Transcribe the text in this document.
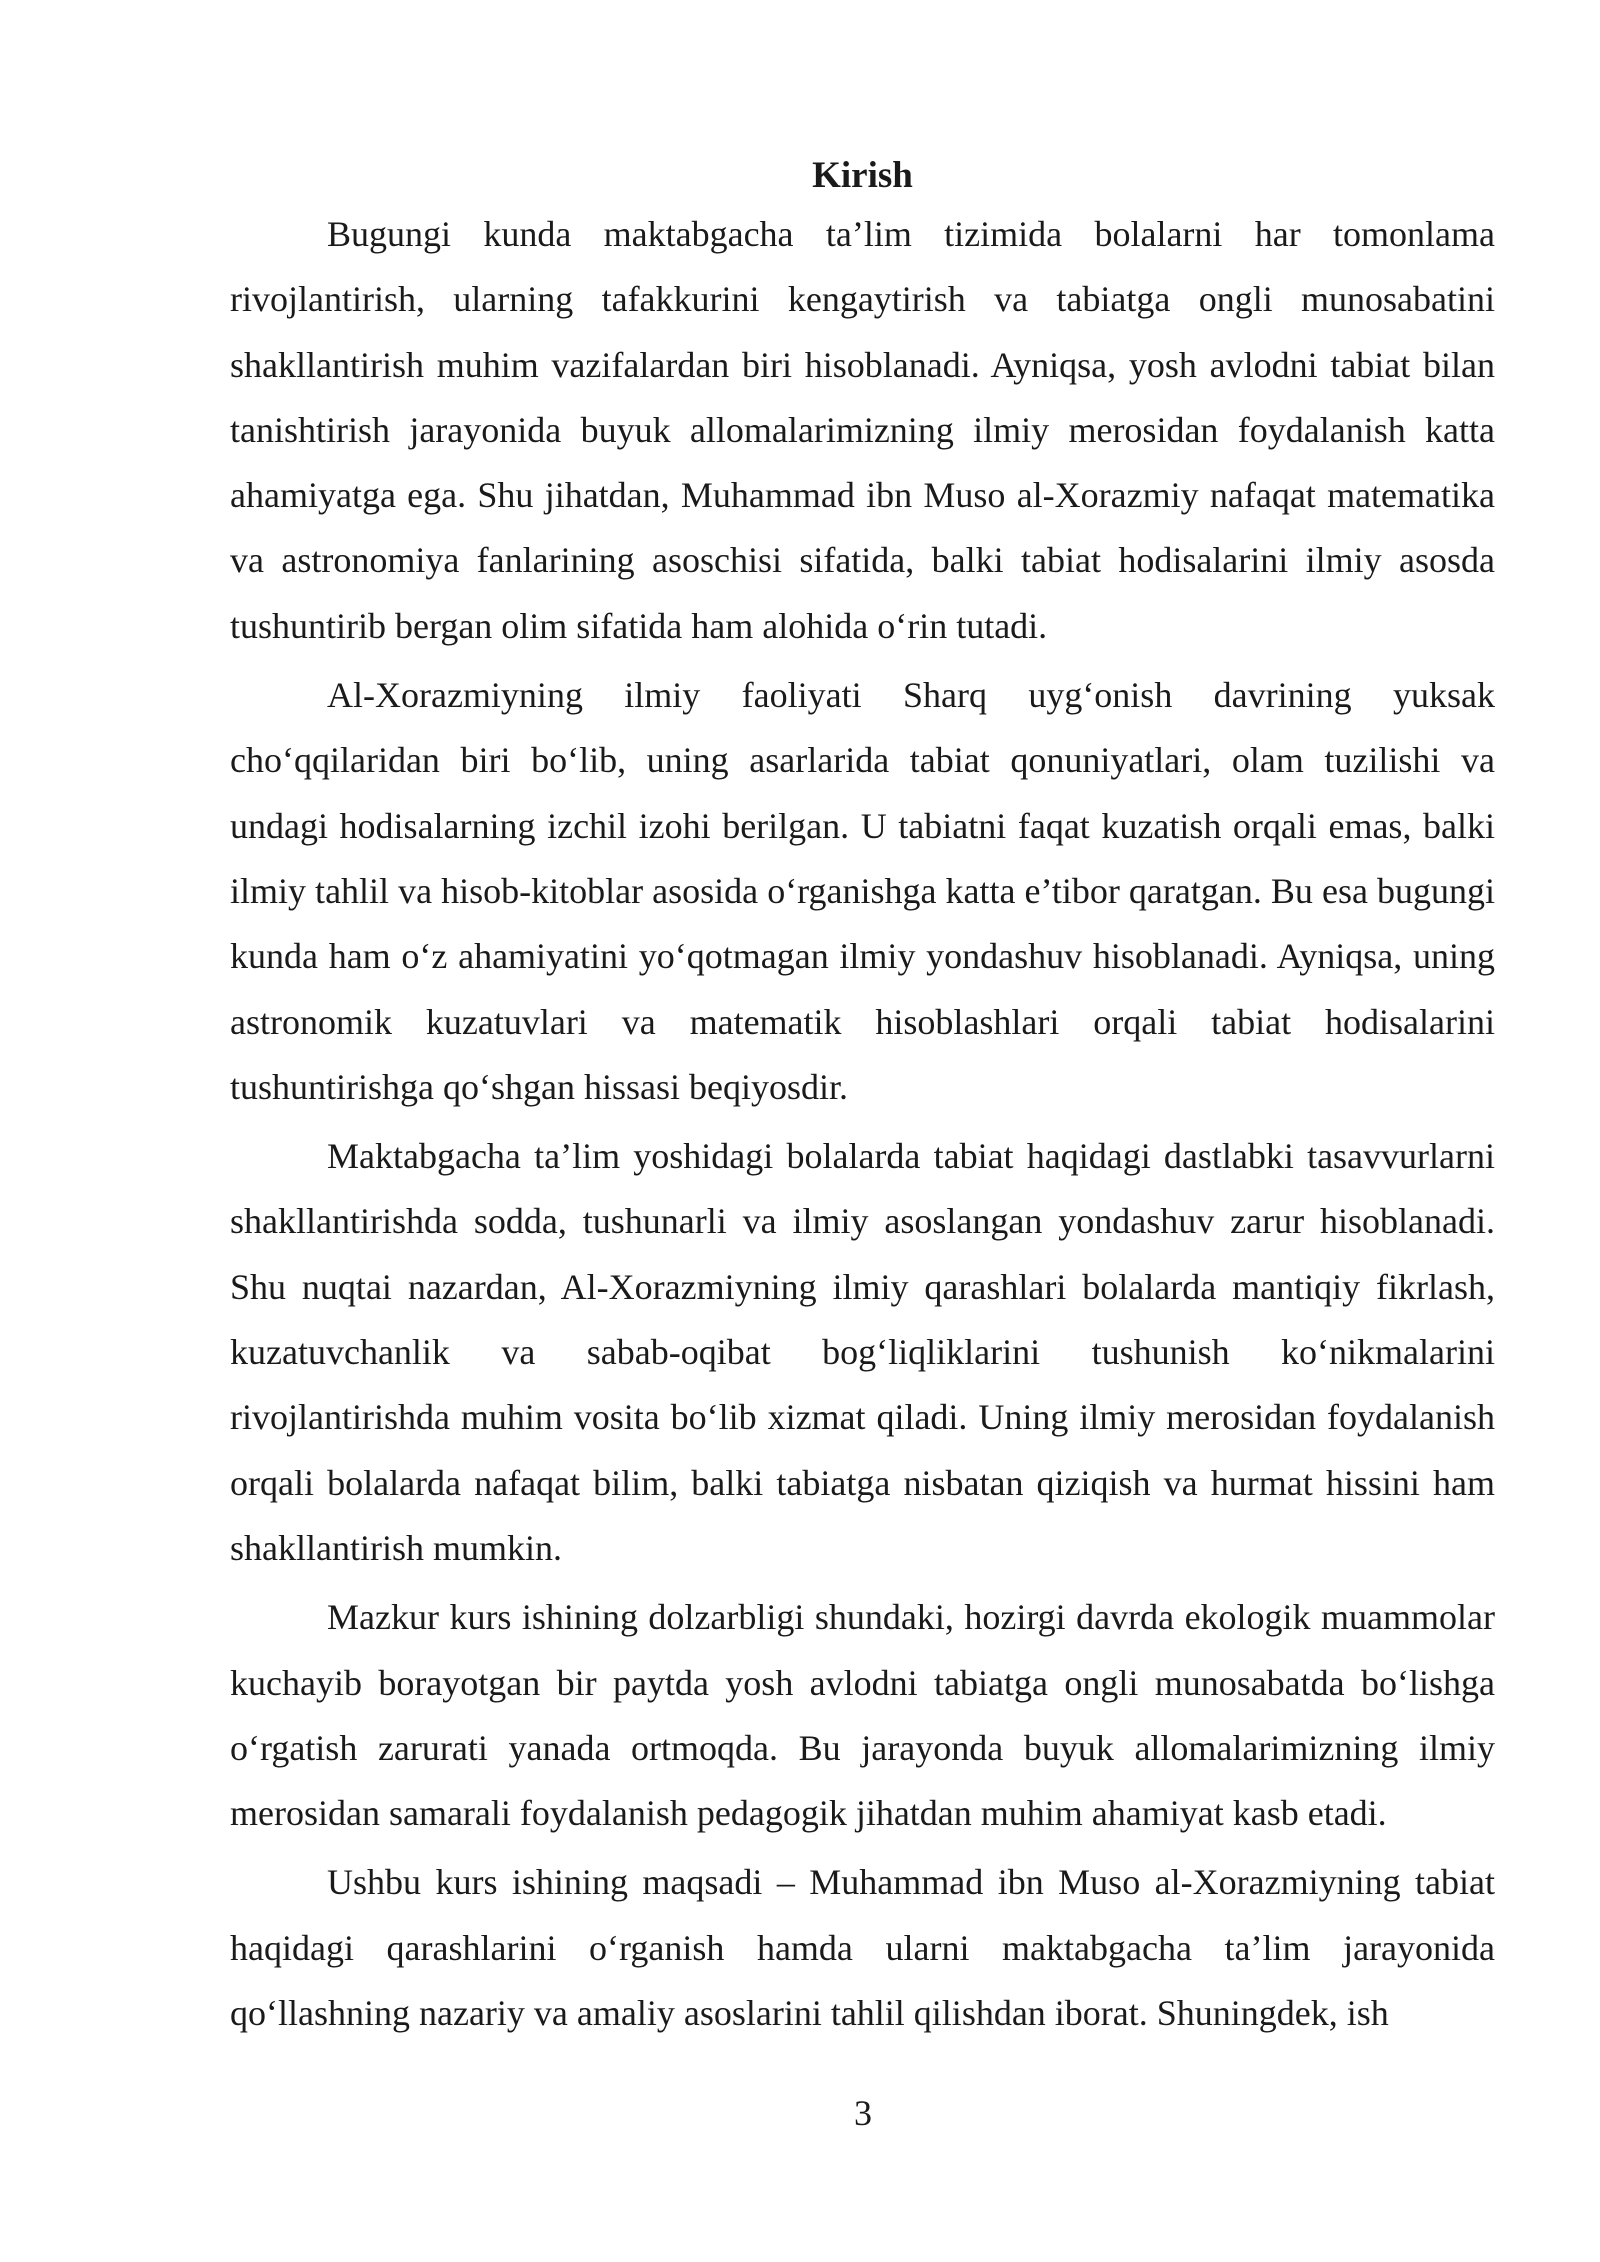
Kirish

Bugungi kunda maktabgacha ta’lim tizimida bolalarni har tomonlama rivojlantirish, ularning tafakkurini kengaytirish va tabiatga ongli munosabatini shakllantirish muhim vazifalardan biri hisoblanadi. Ayniqsa, yosh avlodni tabiat bilan tanishtirish jarayonida buyuk allomalarimizning ilmiy merosidan foydalanish katta ahamiyatga ega. Shu jihatdan, Muhammad ibn Muso al-Xorazmiy nafaqat matematika va astronomiya fanlarining asoschisi sifatida, balki tabiat hodisalarini ilmiy asosda tushuntirib bergan olim sifatida ham alohida o‘rin tutadi.

Al-Xorazmiyning ilmiy faoliyati Sharq uyg‘onish davrining yuksak cho‘qqilaridan biri bo‘lib, uning asarlarida tabiat qonuniyatlari, olam tuzilishi va undagi hodisalarning izchil izohi berilgan. U tabiatni faqat kuzatish orqali emas, balki ilmiy tahlil va hisob-kitoblar asosida o‘rganishga katta e’tibor qaratgan. Bu esa bugungi kunda ham o‘z ahamiyatini yo‘qotmagan ilmiy yondashuv hisoblanadi. Ayniqsa, uning astronomik kuzatuvlari va matematik hisoblashlari orqali tabiat hodisalarini tushuntirishga qo‘shgan hissasi beqiyosdir.

Maktabgacha ta’lim yoshidagi bolalarda tabiat haqidagi dastlabki tasavvurlarni shakllantirishda sodda, tushunarli va ilmiy asoslangan yondashuv zarur hisoblanadi. Shu nuqtai nazardan, Al-Xorazmiyning ilmiy qarashlari bolalarda mantiqiy fikrlash, kuzatuvchanlik va sabab-oqibat bog‘liqliklarini tushunish ko‘nikmalarini rivojlantirishda muhim vosita bo‘lib xizmat qiladi. Uning ilmiy merosidan foydalanish orqali bolalarda nafaqat bilim, balki tabiatga nisbatan qiziqish va hurmat hissini ham shakllantirish mumkin.

Mazkur kurs ishining dolzarbligi shundaki, hozirgi davrda ekologik muammolar kuchayib borayotgan bir paytda yosh avlodni tabiatga ongli munosabatda bo‘lishga o‘rgatish zarurati yanada ortmoqda. Bu jarayonda buyuk allomalarimizning ilmiy merosidan samarali foydalanish pedagogik jihatdan muhim ahamiyat kasb etadi.

Ushbu kurs ishining maqsadi – Muhammad ibn Muso al-Xorazmiyning tabiat haqidagi qarashlarini o‘rganish hamda ularni maktabgacha ta’lim jarayonida qo‘llashning nazariy va amaliy asoslarini tahlil qilishdan iborat. Shuningdek, ish

3
